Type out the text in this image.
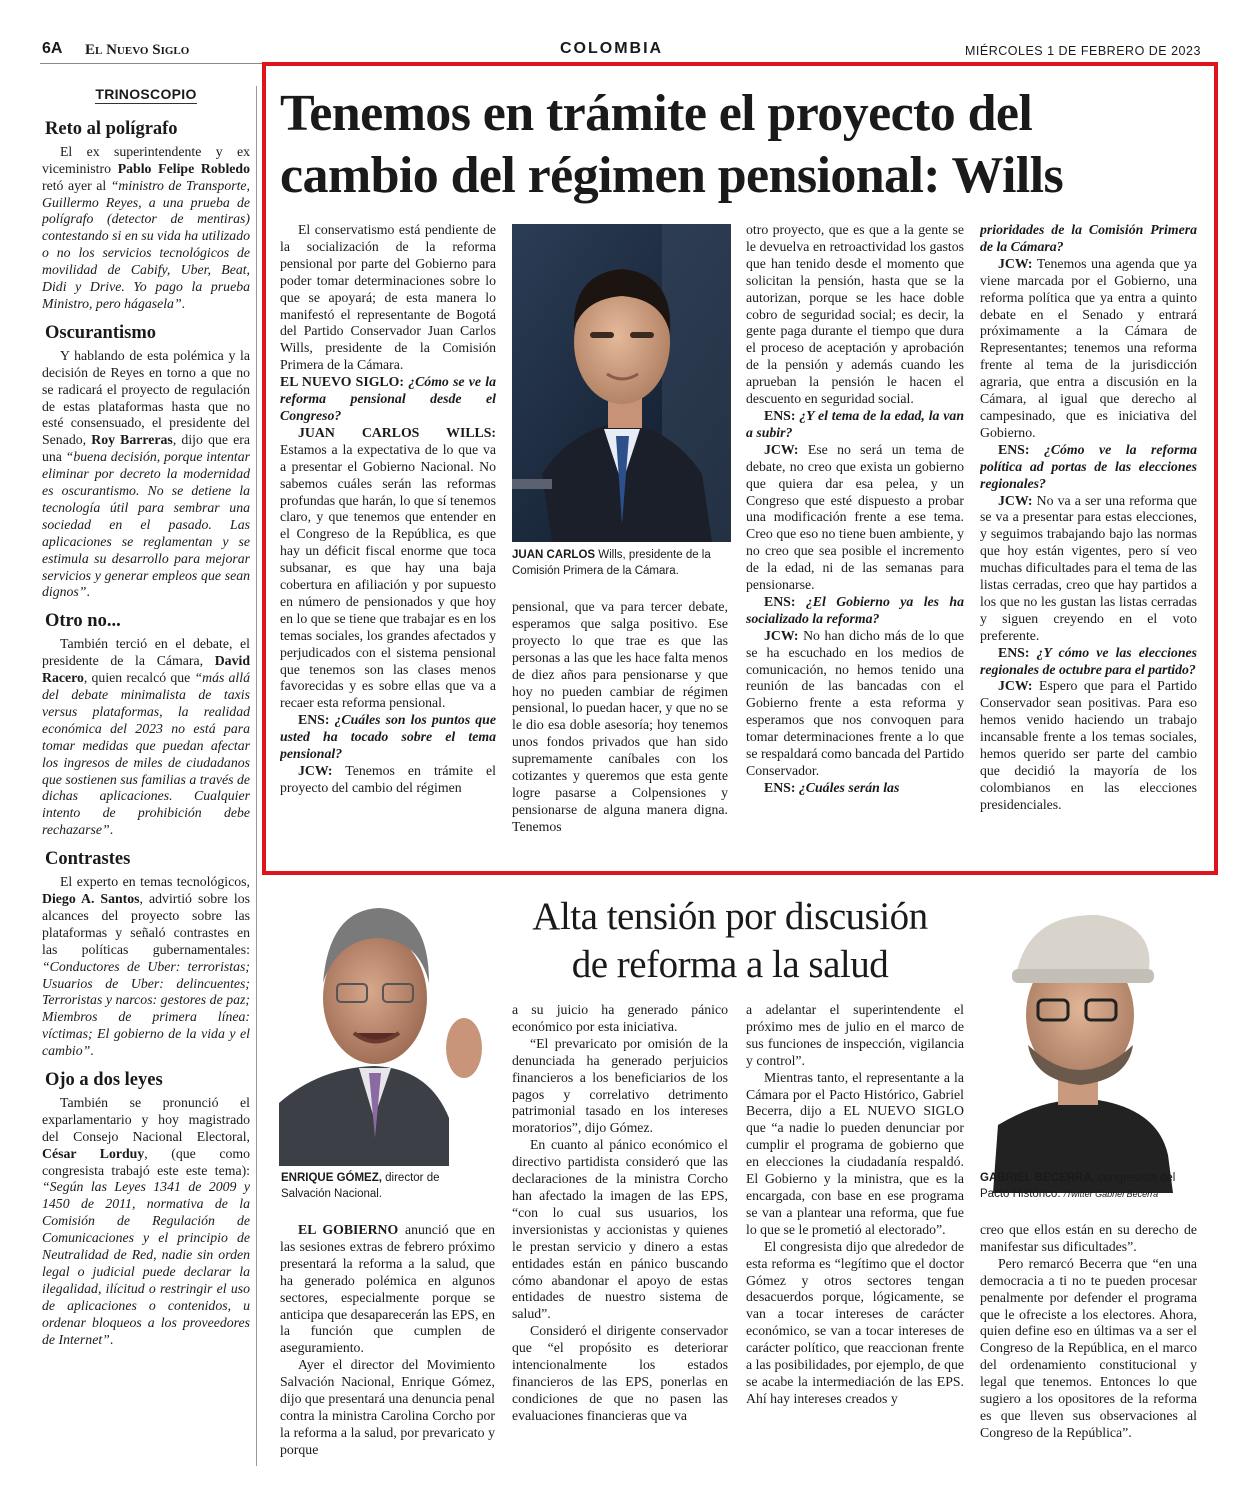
6A El Nuevo Siglo	COLOMBIA	MIÉRCOLES 1 DE FEBRERO DE 2023
TRINOSCOPIO
Reto al polígrafo

El ex superintendente y ex viceministro Pablo Felipe Robledo retó ayer al “ministro de Transporte, Guillermo Reyes, a una prueba de polígrafo (detector de mentiras) contestando si en su vida ha utilizado o no los servicios tecnológicos de movilidad de Cabify, Uber, Beat, Didi y Drive. Yo pago la prueba Ministro, pero hágasela”.

Oscurantismo

Y hablando de esta polémica y la decisión de Reyes en torno a que no se radicará el proyecto de regulación de estas plataformas hasta que no esté consensuado, el presidente del Senado, Roy Barreras, dijo que era una “buena decisión, porque intentar eliminar por decreto la modernidad es oscurantismo. No se detiene la tecnología útil para sembrar una sociedad en el pasado. Las aplicaciones se reglamentan y se estimula su desarrollo para mejorar servicios y generar empleos que sean dignos”.

Otro no...

También terció en el debate, el presidente de la Cámara, David Racero, quien recalcó que “más allá del debate minimalista de taxis versus plataformas, la realidad económica del 2023 no está para tomar medidas que puedan afectar los ingresos de miles de ciudadanos que sostienen sus familias a través de dichas aplicaciones. Cualquier intento de prohibición debe rechazarse”.

Contrastes

El experto en temas tecnológicos, Diego A. Santos, advirtió sobre los alcances del proyecto sobre las plataformas y señaló contrastes en las políticas gubernamentales: “Conductores de Uber: terroristas; Usuarios de Uber: delincuentes; Terroristas y narcos: gestores de paz; Miembros de primera línea: víctimas; El gobierno de la vida y el cambio”.

Ojo a dos leyes

También se pronunció el exparlamentario y hoy magistrado del Consejo Nacional Electoral, César Lorduy, (que como congresista trabajó este este tema): “Según las Leyes 1341 de 2009 y 1450 de 2011, normativa de la Comisión de Regulación de Comunicaciones y el principio de Neutralidad de Red, nadie sin orden legal o judicial puede declarar la ilegalidad, ilícitud o restringir el uso de aplicaciones o contenidos, u ordenar bloqueos a los proveedores de Internet”.

Tenemos en trámite el proyecto del cambio del régimen pensional: Wills

El conservatismo está pendiente de la socialización de la reforma pensional por parte del Gobierno para poder tomar determinaciones sobre lo que se apoyará; de esta manera lo manifestó el representante de Bogotá del Partido Conservador Juan Carlos Wills, presidente de la Comisión Primera de la Cámara.

EL NUEVO SIGLO: ¿Cómo se ve la reforma pensional desde el Congreso?

JUAN CARLOS WILLS: Estamos a la expectativa de lo que va a presentar el Gobierno Nacional. No sabemos cuáles serán las reformas profundas que harán, lo que sí tenemos claro, y que tenemos que entender en el Congreso de la República, es que hay un déficit fiscal enorme que toca subsanar, es que hay una baja cobertura en afiliación y por supuesto en número de pensionados y que hoy en lo que se tiene que trabajar es en los temas sociales, los grandes afectados y perjudicados con el sistema pensional que tenemos son las clases menos favorecidas y es sobre ellas que va a recaer esta reforma pensional.

ENS: ¿Cuáles son los puntos que usted ha tocado sobre el tema pensional?

JCW: Tenemos en trámite el proyecto del cambio del régimen

JUAN CARLOS Wills, presidente de la Comisión Primera de la Cámara.

pensional, que va para tercer debate, esperamos que salga positivo. Ese proyecto lo que trae es que las personas a las que les hace falta menos de diez años para pensionarse y que hoy no pueden cambiar de régimen pensional, lo puedan hacer, y que no se le dio esa doble asesoría; hoy tenemos unos fondos privados que han sido supremamente caníbales con los cotizantes y queremos que esta gente logre pasarse a Colpensiones y pensionarse de alguna manera digna. Tenemos

otro proyecto, que es que a la gente se le devuelva en retroactividad los gastos que han tenido desde el momento que solicitan la pensión, hasta que se la autorizan, porque se les hace doble cobro de seguridad social; es decir, la gente paga durante el tiempo que dura el proceso de aceptación y aprobación de la pensión y además cuando les aprueban la pensión le hacen el descuento en seguridad social.

ENS: ¿Y el tema de la edad, la van a subir?

JCW: Ese no será un tema de debate, no creo que exista un gobierno que quiera dar esa pelea, y un Congreso que esté dispuesto a probar una modificación frente a ese tema. Creo que eso no tiene buen ambiente, y no creo que sea posible el incremento de la edad, ni de las semanas para pensionarse.

ENS: ¿El Gobierno ya les ha socializado la reforma?

JCW: No han dicho más de lo que se ha escuchado en los medios de comunicación, no hemos tenido una reunión de las bancadas con el Gobierno frente a esta reforma y esperamos que nos convoquen para tomar determinaciones frente a lo que se respaldará como bancada del Partido Conservador.

ENS: ¿Cuáles serán las

prioridades de la Comisión Primera de la Cámara?

JCW: Tenemos una agenda que ya viene marcada por el Gobierno, una reforma política que ya entra a quinto debate en el Senado y entrará próximamente a la Cámara de Representantes; tenemos una reforma frente al tema de la jurisdicción agraria, que entra a discusión en la Cámara, al igual que derecho al campesinado, que es iniciativa del Gobierno.

ENS: ¿Cómo ve la reforma política ad portas de las elecciones regionales?

JCW: No va a ser una reforma que se va a presentar para estas elecciones, y seguimos trabajando bajo las normas que hoy están vigentes, pero sí veo muchas dificultades para el tema de las listas cerradas, creo que hay partidos a los que no les gustan las listas cerradas y siguen creyendo en el voto preferente.

ENS: ¿Y cómo ve las elecciones regionales de octubre para el partido?

JCW: Espero que para el Partido Conservador sean positivas. Para eso hemos venido haciendo un trabajo incansable frente a los temas sociales, hemos querido ser parte del cambio que decidió la mayoría de los colombianos en las elecciones presidenciales.

ENRIQUE GÓMEZ, director de Salvación Nacional.
Alta tensión por discusión
de reforma a la salud
GABRIEL BECERRA, congresista del Pacto Histórico. /Twitter Gabriel Becerra

EL GOBIERNO anunció que en las sesiones extras de febrero próximo presentará la reforma a la salud, que ha generado polémica en algunos sectores, especialmente porque se anticipa que desaparecerán las EPS, en la función que cumplen de aseguramiento.

Ayer el director del Movimiento Salvación Nacional, Enrique Gómez, dijo que presentará una denuncia penal contra la ministra Carolina Corcho por la reforma a la salud, por prevaricato y porque

a su juicio ha generado pánico económico por esta iniciativa.

“El prevaricato por omisión de la denunciada ha generado perjuicios financieros a los beneficiarios de los pagos y correlativo detrimento patrimonial tasado en los intereses moratorios”, dijo Gómez.

En cuanto al pánico económico el directivo partidista consideró que las declaraciones de la ministra Corcho han afectado la imagen de las EPS, “con lo cual sus usuarios, los inversionistas y accionistas y quienes le prestan servicio y dinero a estas entidades están en pánico buscando cómo abandonar el apoyo de estas entidades de nuestro sistema de salud”.

Consideró el dirigente conservador que “el propósito es deteriorar intencionalmente los estados financieros de las EPS, ponerlas en condiciones de que no pasen las evaluaciones financieras que va

a adelantar el superintendente el próximo mes de julio en el marco de sus funciones de inspección, vigilancia y control”.

Mientras tanto, el representante a la Cámara por el Pacto Histórico, Gabriel Becerra, dijo a EL NUEVO SIGLO que “a nadie lo pueden denunciar por cumplir el programa de gobierno que en elecciones la ciudadanía respaldó. El Gobierno y la ministra, que es la encargada, con base en ese programa se van a plantear una reforma, que fue lo que se le prometió al electorado”.

El congresista dijo que alrededor de esta reforma es “legítimo que el doctor Gómez y otros sectores tengan desacuerdos porque, lógicamente, se van a tocar intereses de carácter económico, se van a tocar intereses de carácter político, que reaccionan frente a las posibilidades, por ejemplo, de que se acabe la intermediación de las EPS. Ahí hay intereses creados y

creo que ellos están en su derecho de manifestar sus dificultades”.

Pero remarcó Becerra que “en una democracia a ti no te pueden procesar penalmente por defender el programa que le ofreciste a los electores. Ahora, quien define eso en últimas va a ser el Congreso de la República, en el marco del ordenamiento constitucional y legal que tenemos. Entonces lo que sugiero a los opositores de la reforma es que lleven sus observaciones al Congreso de la República”.
